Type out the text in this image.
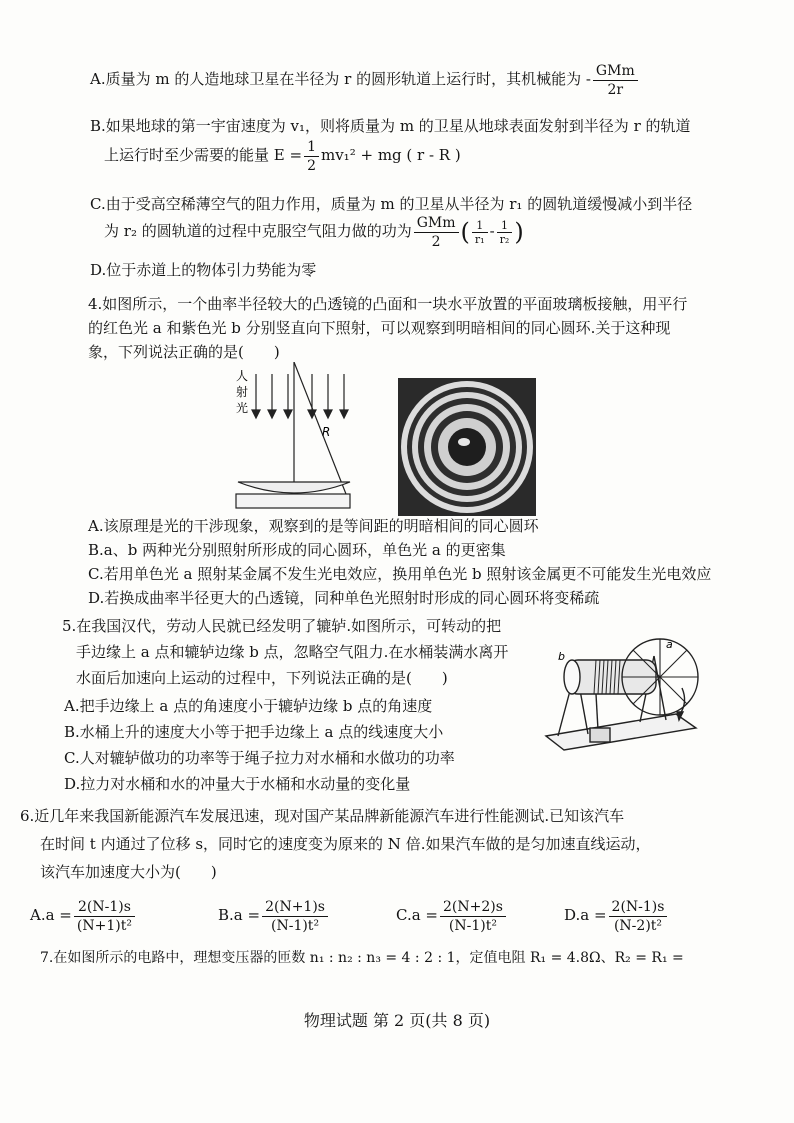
A.质量为 m 的人造地球卫星在半径为 r 的圆形轨道上运行时，其机械能为 - $\frac{\text{GMm}}{2r}$
B.如果地球的第一宇宙速度为 v₁，则将质量为 m 的卫星从地球表面发射到半径为 r 的轨道
上运行时至少需要的能量 $E = \frac{1}{2} mv_1^2$ + mg ( r - R )
C.由于受高空稀薄空气的阻力作用，质量为 m 的卫星从半径为 r₁ 的圆轨道缓慢减小到半径
为 r₂ 的圆轨道的过程中克服空气阻力做的功为 $\frac{\text{GMm}}{2}$ ( $\frac{1}{\text{r₁}} - \frac{1}{\text{r₂}}$ )
D.位于赤道上的物体引力势能为零
4.如图所示，一个曲率半径较大的凸透镜的凸面和一块水平放置的平面玻璃板接触，用平行
的红色光 a 和紫色光 b 分别竖直向下照射，可以观察到明暗相间的同心圆环.关于这种现
象，下列说法正确的是(　　)
人
射
光
R
A.该原理是光的干涉现象，观察到的是等间距的明暗相间的同心圆环
B.a、b 两种光分别照射所形成的同心圆环，单色光 a 的更密集
C.若用单色光 a 照射某金属不发生光电效应，换用单色光 b 照射该金属更不可能发生光电效应
D.若换成曲率半径更大的凸透镜，同种单色光照射时形成的同心圆环将变稀疏
5.在我国汉代，劳动人民就已经发明了辘轳.如图所示，可转动的把
手边缘上 a 点和辘轳边缘 b 点，忽略空气阻力.在水桶装满水离开
水面后加速向上运动的过程中，下列说法正确的是(　　)
A.把手边缘上 a 点的角速度小于辘轳边缘 b 点的角速度
B.水桶上升的速度大小等于把手边缘上 a 点的线速度大小
C.人对辘轳做功的功率等于绳子拉力对水桶和水做功的功率
D.拉力对水桶和水的冲量大于水桶和水动量的变化量
a
b
6.近几年来我国新能源汽车发展迅速，现对国产某品牌新能源汽车进行性能测试.已知该汽车
在时间 t 内通过了位移 s，同时它的速度变为原来的 N 倍.如果汽车做的是匀加速直线运动，
该汽车加速度大小为(　　)
$A.a = \frac{2(N-1)s}{\text{(N+1)t²}}$	$B.a = \frac{2(N+1)s}{\text{(N-1)t²}}$	$C.a = \frac{2(N+2)s}{\text{(N-1)t²}}$	$D.a = \frac{2(N-1)s}{\text{(N-2)t²}}$
7.在如图所示的电路中，理想变压器的匝数 n₁ : n₂ : n₃ = 4 : 2 : 1，定值电阻 R₁ = 4.8Ω、R₂ = R₁ =
物理试题 第 2 页(共 8 页)
